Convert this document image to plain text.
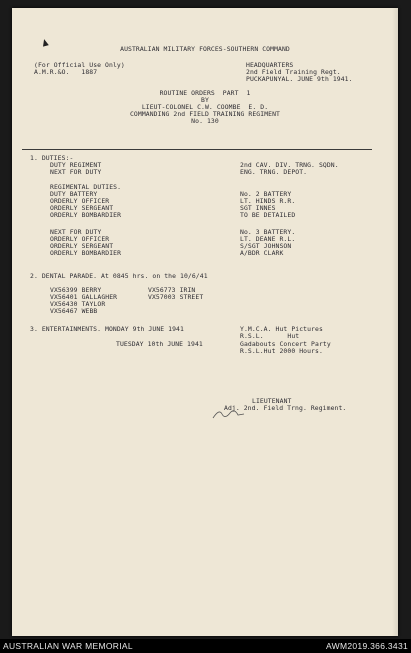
AUSTRALIAN MILITARY FORCES-SOUTHERN COMMAND
(For Official Use Only)
A.M.R.&O.   1887
HEADQUARTERS
2nd Field Training Regt.
PUCKAPUNYAL. JUNE 9th 1941.
ROUTINE ORDERS  PART  1
BY
LIEUT-COLONEL C.W. COOMBE  E. D.
COMMANDING 2nd FIELD TRAINING REGIMENT
No. 130
1. DUTIES:-
DUTY REGIMENT
NEXT FOR DUTY
2nd CAV. DIV. TRNG. SQDN.
ENG. TRNG. DEPOT.
REGIMENTAL DUTIES.
DUTY BATTERY
ORDERLY OFFICER
ORDERLY SERGEANT
ORDERLY BOMBARDIER
No. 2 BATTERY
LT. HINDS R.R.
SGT INNES
TO BE DETAILED
NEXT FOR DUTY
ORDERLY OFFICER
ORDERLY SERGEANT
ORDERLY BOMBARDIER
No. 3 BATTERY.
LT. DEANE R.L.
S/SGT JOHNSON
A/BDR CLARK
2. DENTAL PARADE. At 0845 hrs. on the 10/6/41
VX56399 BERRY
VX56401 GALLAGHER
VX56430 TAYLOR
VX56467 WEBB
VX56773 IRIN
VX57003 STREET
3. ENTERTAINMENTS. MONDAY 9th JUNE 1941
TUESDAY 10th JUNE 1941
Y.M.C.A. Hut Pictures
R.S.L.      Hut
Gadabouts Concert Party
R.S.L.Hut 2000 Hours.
LIEUTENANT
Adj. 2nd. Field Trng. Regiment.
AUSTRALIAN WAR MEMORIAL	AWM2019.366.3431
